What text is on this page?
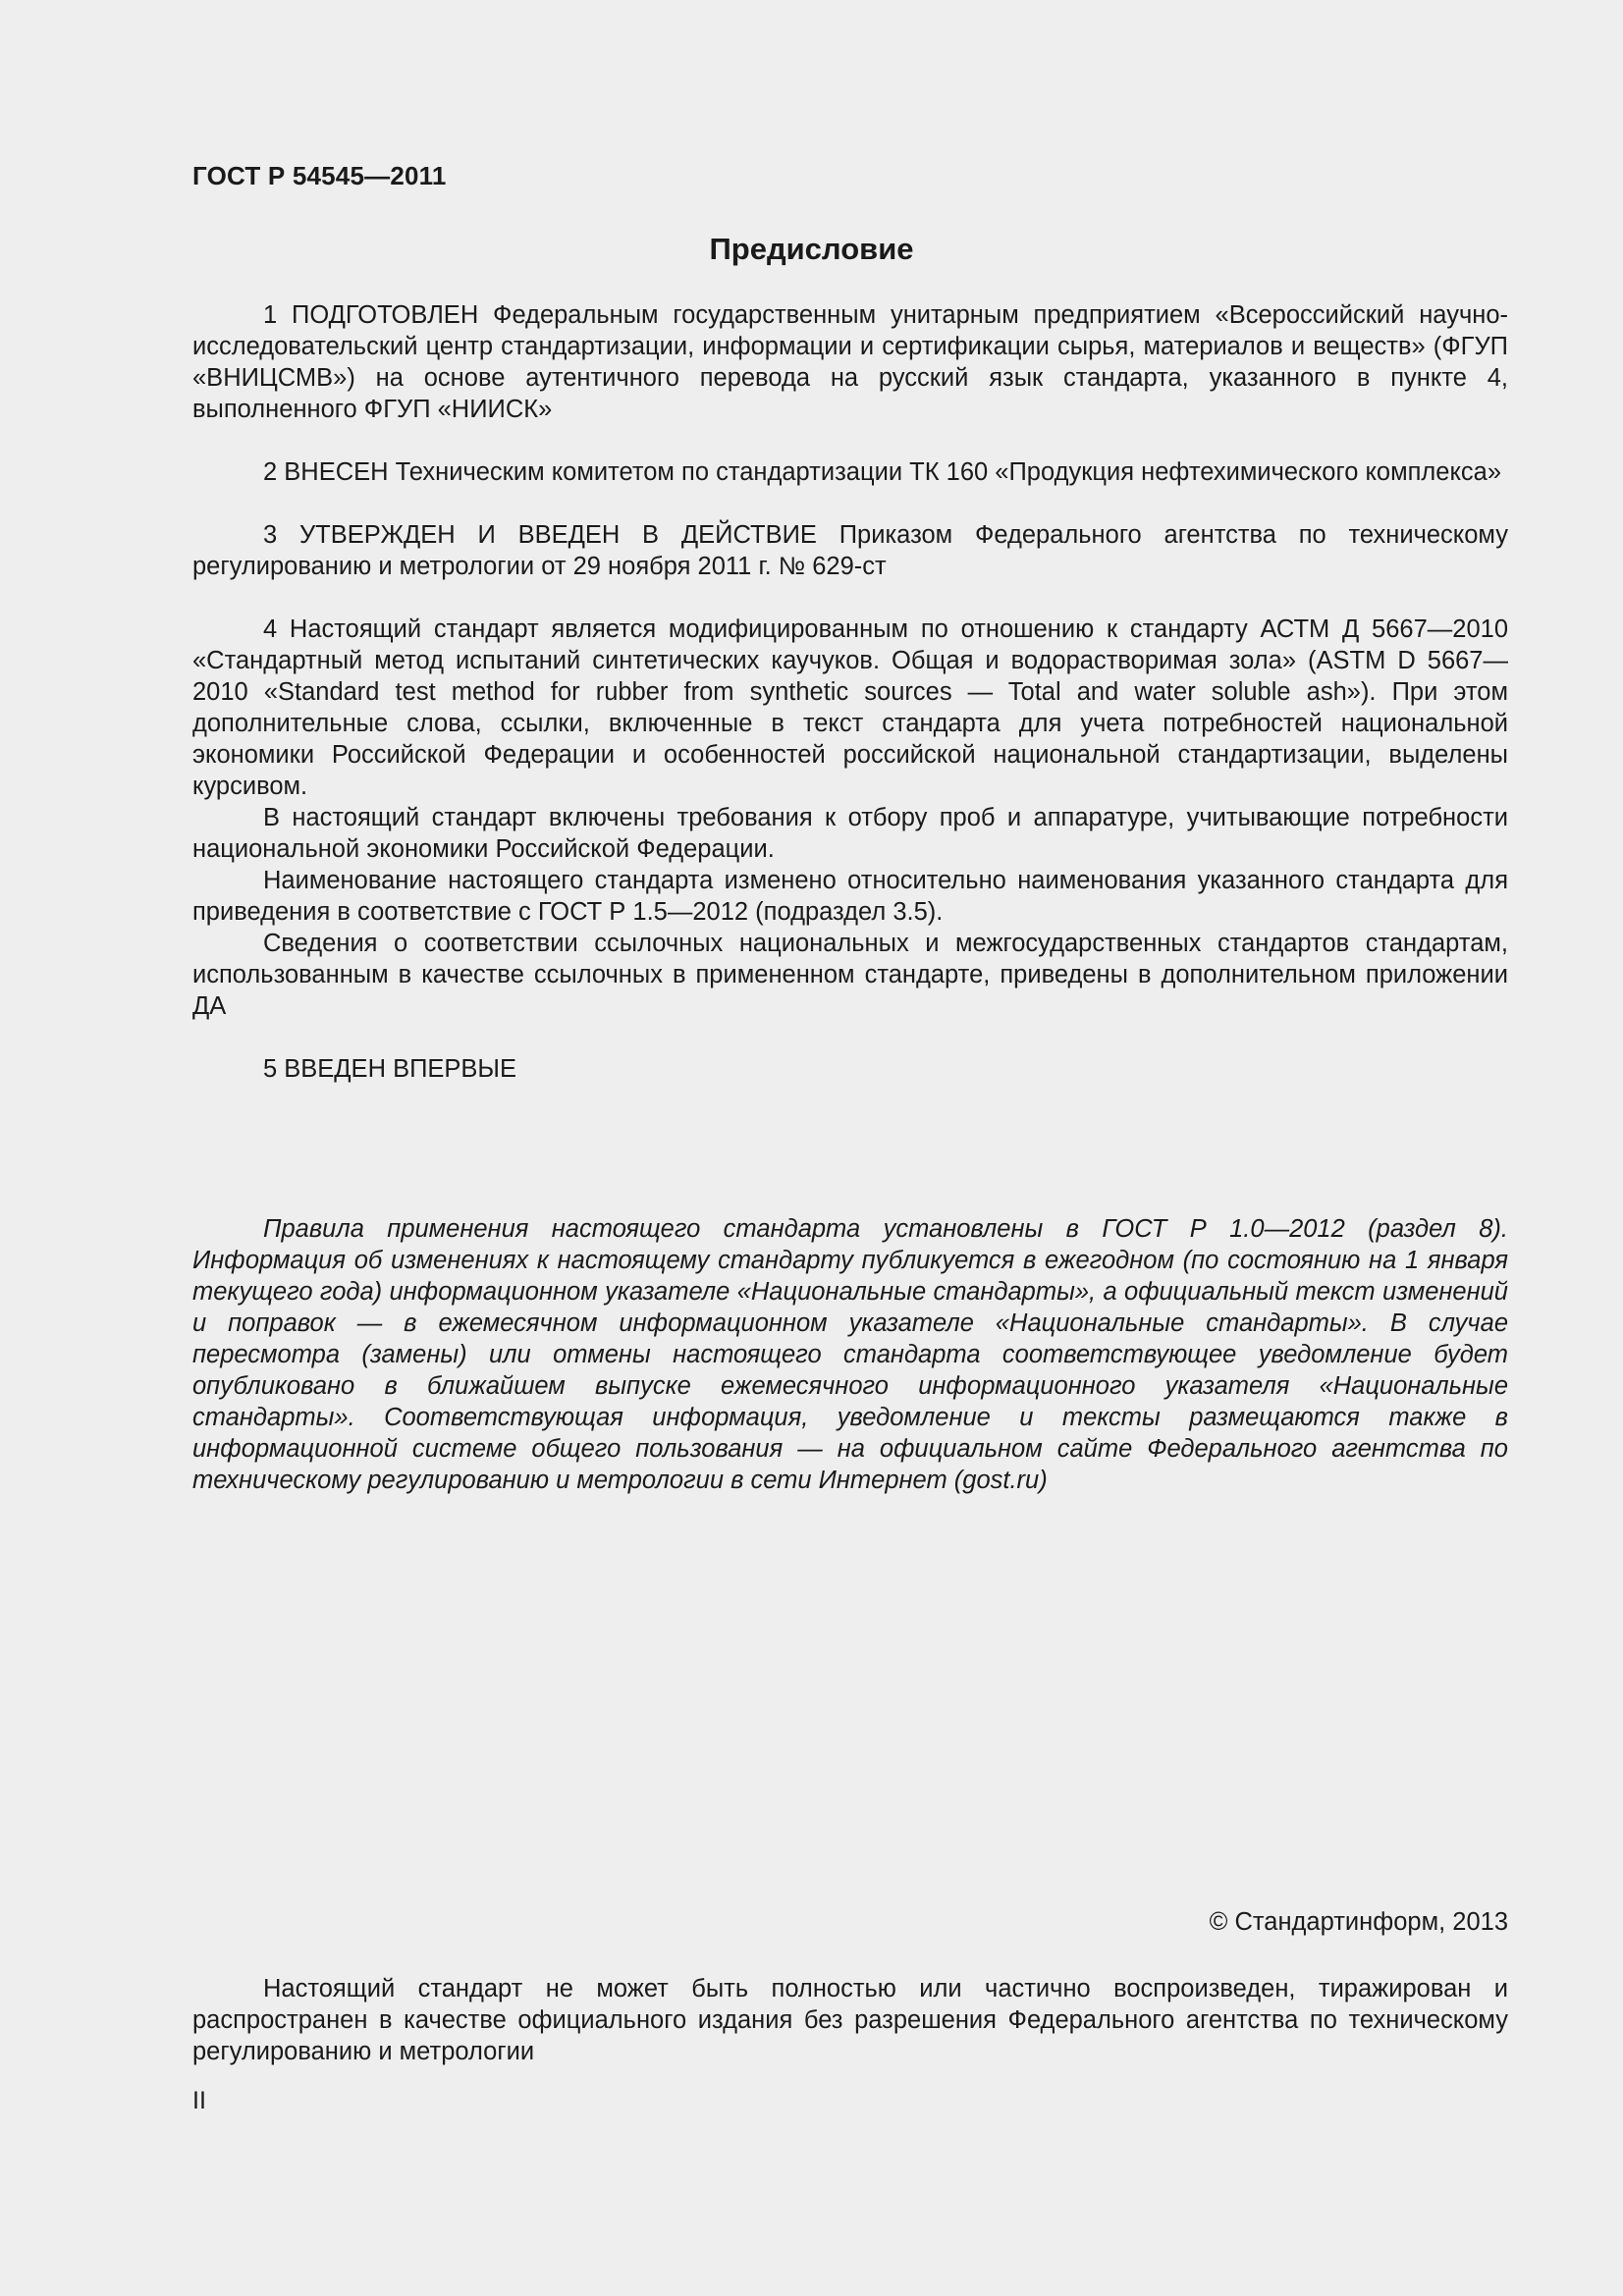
ГОСТ Р 54545—2011
Предисловие

1 ПОДГОТОВЛЕН Федеральным государственным унитарным предприятием «Всероссийский научно-исследовательский центр стандартизации, информации и сертификации сырья, материалов и веществ» (ФГУП «ВНИЦСМВ») на основе аутентичного перевода на русский язык стандарта, указанного в пункте 4, выполненного ФГУП «НИИСК»

2 ВНЕСЕН Техническим комитетом по стандартизации ТК 160 «Продукция нефтехимического комплекса»

3 УТВЕРЖДЕН И ВВЕДЕН В ДЕЙСТВИЕ Приказом Федерального агентства по техническому регулированию и метрологии от 29 ноября 2011 г. № 629-ст

4 Настоящий стандарт является модифицированным по отношению к стандарту АСТМ Д 5667—2010 «Стандартный метод испытаний синтетических каучуков. Общая и водорастворимая зола» (ASTM D 5667—2010 «Standard test method for rubber from synthetic sources — Total and water soluble ash»). При этом дополнительные слова, ссылки, включенные в текст стандарта для учета потребностей национальной экономики Российской Федерации и особенностей российской национальной стандартизации, выделены курсивом.

В настоящий стандарт включены требования к отбору проб и аппаратуре, учитывающие потребности национальной экономики Российской Федерации.

Наименование настоящего стандарта изменено относительно наименования указанного стандарта для приведения в соответствие с ГОСТ Р 1.5—2012 (подраздел 3.5).

Сведения о соответствии ссылочных национальных и межгосударственных стандартов стандартам, использованным в качестве ссылочных в примененном стандарте, приведены в дополнительном приложении ДА

5 ВВЕДЕН ВПЕРВЫЕ

Правила применения настоящего стандарта установлены в ГОСТ Р 1.0—2012 (раздел 8). Информация об изменениях к настоящему стандарту публикуется в ежегодном (по состоянию на 1 января текущего года) информационном указателе «Национальные стандарты», а официальный текст изменений и поправок — в ежемесячном информационном указателе «Национальные стандарты». В случае пересмотра (замены) или отмены настоящего стандарта соответствующее уведомление будет опубликовано в ближайшем выпуске ежемесячного информационного указателя «Национальные стандарты». Соответствующая информация, уведомление и тексты размещаются также в информационной системе общего пользования — на официальном сайте Федерального агентства по техническому регулированию и метрологии в сети Интернет (gost.ru)

© Стандартинформ, 2013

Настоящий стандарт не может быть полностью или частично воспроизведен, тиражирован и распространен в качестве официального издания без разрешения Федерального агентства по техническому регулированию и метрологии

II
